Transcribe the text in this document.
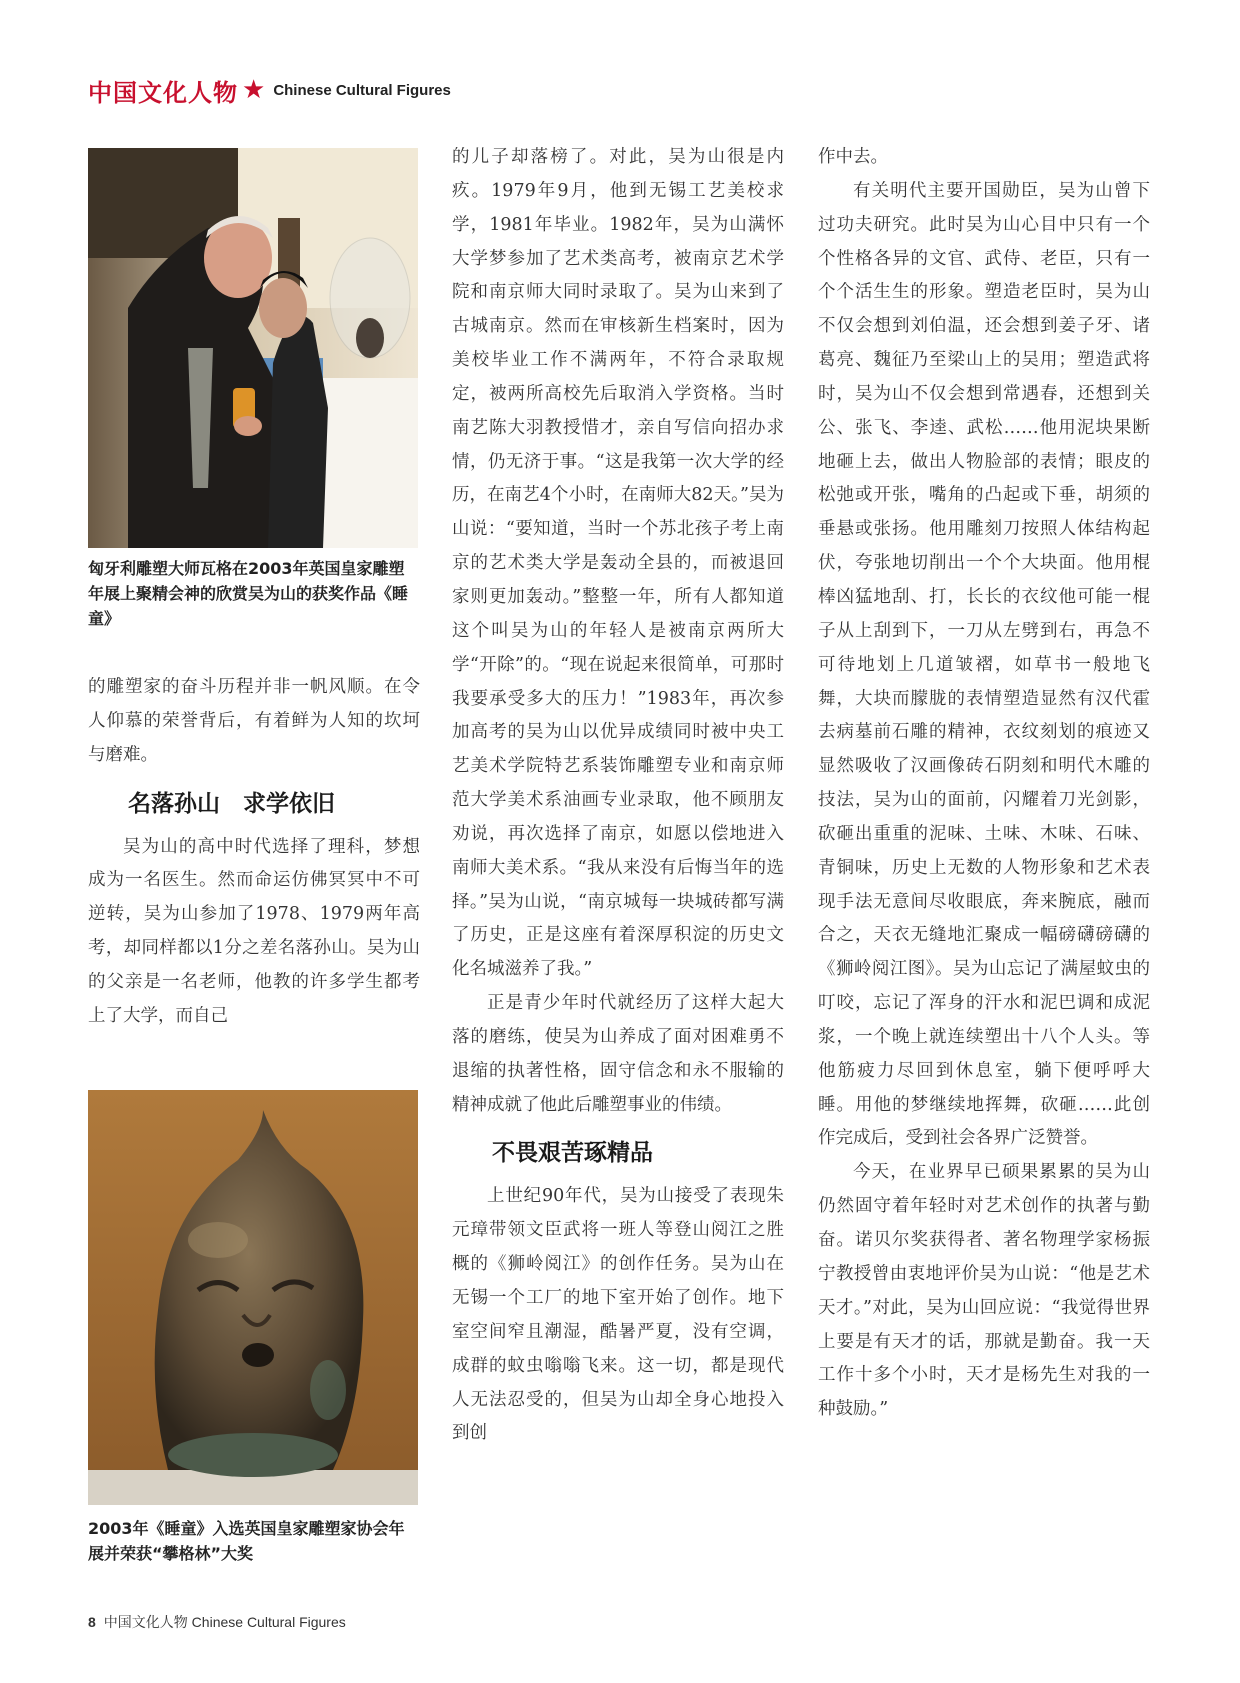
中国文化人物 ★ Chinese Cultural Figures
匈牙利雕塑大师瓦格在2003年英国皇家雕塑年展上聚精会神的欣赏吴为山的获奖作品《睡童》

的雕塑家的奋斗历程并非一帆风顺。在令人仰慕的荣誉背后，有着鲜为人知的坎坷与磨难。

名落孙山　求学依旧

吴为山的高中时代选择了理科，梦想成为一名医生。然而命运仿佛冥冥中不可逆转，吴为山参加了1978、1979两年高考，却同样都以1分之差名落孙山。吴为山的父亲是一名老师，他教的许多学生都考上了大学，而自己

2003年《睡童》入选英国皇家雕塑家协会年展并荣获“攀格林”大奖

的儿子却落榜了。对此，吴为山很是内疚。1979年9月，他到无锡工艺美校求学，1981年毕业。1982年，吴为山满怀大学梦参加了艺术类高考，被南京艺术学院和南京师大同时录取了。吴为山来到了古城南京。然而在审核新生档案时，因为美校毕业工作不满两年，不符合录取规定，被两所高校先后取消入学资格。当时南艺陈大羽教授惜才，亲自写信向招办求情，仍无济于事。“这是我第一次大学的经历，在南艺4个小时，在南师大82天。”吴为山说：“要知道，当时一个苏北孩子考上南京的艺术类大学是轰动全县的，而被退回家则更加轰动。”整整一年，所有人都知道这个叫吴为山的年轻人是被南京两所大学“开除”的。“现在说起来很简单，可那时我要承受多大的压力！”1983年，再次参加高考的吴为山以优异成绩同时被中央工艺美术学院特艺系装饰雕塑专业和南京师范大学美术系油画专业录取，他不顾朋友劝说，再次选择了南京，如愿以偿地进入南师大美术系。“我从来没有后悔当年的选择。”吴为山说，“南京城每一块城砖都写满了历史，正是这座有着深厚积淀的历史文化名城滋养了我。”

正是青少年时代就经历了这样大起大落的磨练，使吴为山养成了面对困难勇不退缩的执著性格，固守信念和永不服输的精神成就了他此后雕塑事业的伟绩。

不畏艰苦琢精品

上世纪90年代，吴为山接受了表现朱元璋带领文臣武将一班人等登山阅江之胜概的《狮岭阅江》的创作任务。吴为山在无锡一个工厂的地下室开始了创作。地下室空间窄且潮湿，酷暑严夏，没有空调，成群的蚊虫嗡嗡飞来。这一切，都是现代人无法忍受的，但吴为山却全身心地投入到创

作中去。

有关明代主要开国勋臣，吴为山曾下过功夫研究。此时吴为山心目中只有一个个性格各异的文官、武侍、老臣，只有一个个活生生的形象。塑造老臣时，吴为山不仅会想到刘伯温，还会想到姜子牙、诸葛亮、魏征乃至梁山上的吴用；塑造武将时，吴为山不仅会想到常遇春，还想到关公、张飞、李逵、武松……他用泥块果断地砸上去，做出人物脸部的表情；眼皮的松弛或开张，嘴角的凸起或下垂，胡须的垂悬或张扬。他用雕刻刀按照人体结构起伏，夸张地切削出一个个大块面。他用棍棒凶猛地刮、打，长长的衣纹他可能一棍子从上刮到下，一刀从左劈到右，再急不可待地划上几道皱褶，如草书一般地飞舞，大块而朦胧的表情塑造显然有汉代霍去病墓前石雕的精神，衣纹刻划的痕迹又显然吸收了汉画像砖石阴刻和明代木雕的技法，吴为山的面前，闪耀着刀光剑影，砍砸出重重的泥味、土味、木味、石味、青铜味，历史上无数的人物形象和艺术表现手法无意间尽收眼底，奔来腕底，融而合之，天衣无缝地汇聚成一幅磅礴磅礴的《狮岭阅江图》。吴为山忘记了满屋蚊虫的叮咬，忘记了浑身的汗水和泥巴调和成泥浆，一个晚上就连续塑出十八个人头。等他筋疲力尽回到休息室，躺下便呼呼大睡。用他的梦继续地挥舞，砍砸……此创作完成后，受到社会各界广泛赞誉。

今天，在业界早已硕果累累的吴为山仍然固守着年轻时对艺术创作的执著与勤奋。诺贝尔奖获得者、著名物理学家杨振宁教授曾由衷地评价吴为山说：“他是艺术天才。”对此，吴为山回应说：“我觉得世界上要是有天才的话，那就是勤奋。我一天工作十多个小时，天才是杨先生对我的一种鼓励。”

8 中国文化人物 Chinese Cultural Figures
